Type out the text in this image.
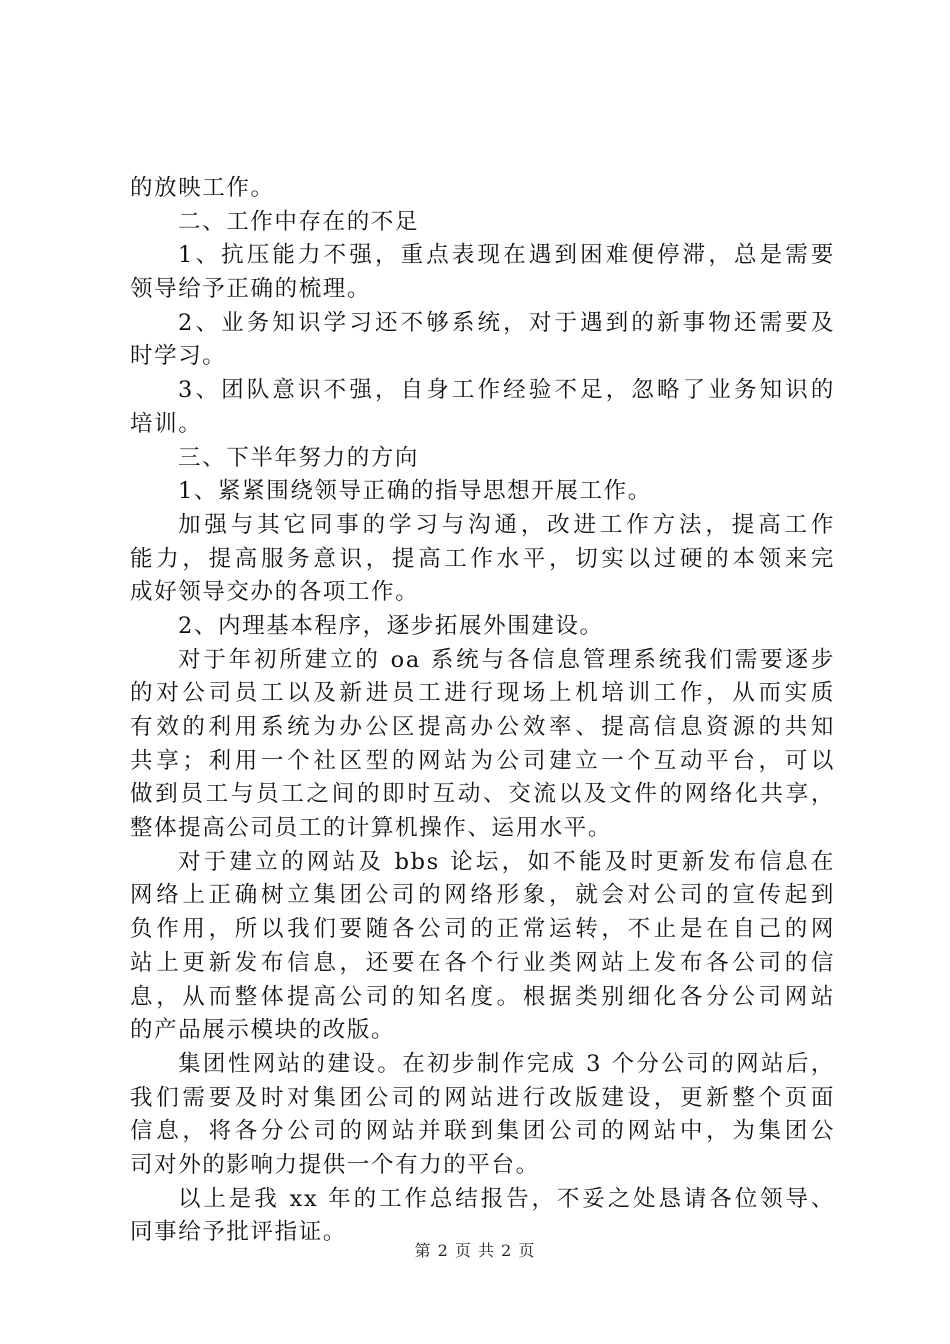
的放映工作。
二、工作中存在的不足
1、抗压能力不强，重点表现在遇到困难便停滞，总是需要
领导给予正确的梳理。
2、业务知识学习还不够系统，对于遇到的新事物还需要及
时学习。
3、团队意识不强，自身工作经验不足，忽略了业务知识的
培训。
三、下半年努力的方向
1、紧紧围绕领导正确的指导思想开展工作。
加强与其它同事的学习与沟通，改进工作方法，提高工作
能力，提高服务意识，提高工作水平，切实以过硬的本领来完
成好领导交办的各项工作。
2、内理基本程序，逐步拓展外围建设。
对于年初所建立的 oa 系统与各信息管理系统我们需要逐步
的对公司员工以及新进员工进行现场上机培训工作，从而实质
有效的利用系统为办公区提高办公效率、提高信息资源的共知
共享；利用一个社区型的网站为公司建立一个互动平台，可以
做到员工与员工之间的即时互动、交流以及文件的网络化共享，
整体提高公司员工的计算机操作、运用水平。
对于建立的网站及 bbs 论坛，如不能及时更新发布信息在
网络上正确树立集团公司的网络形象，就会对公司的宣传起到
负作用，所以我们要随各公司的正常运转，不止是在自己的网
站上更新发布信息，还要在各个行业类网站上发布各公司的信
息，从而整体提高公司的知名度。根据类别细化各分公司网站
的产品展示模块的改版。
集团性网站的建设。在初步制作完成 3 个分公司的网站后，
我们需要及时对集团公司的网站进行改版建设，更新整个页面
信息，将各分公司的网站并联到集团公司的网站中，为集团公
司对外的影响力提供一个有力的平台。
以上是我 xx 年的工作总结报告，不妥之处恳请各位领导、
同事给予批评指证。
第 2 页 共 2 页
